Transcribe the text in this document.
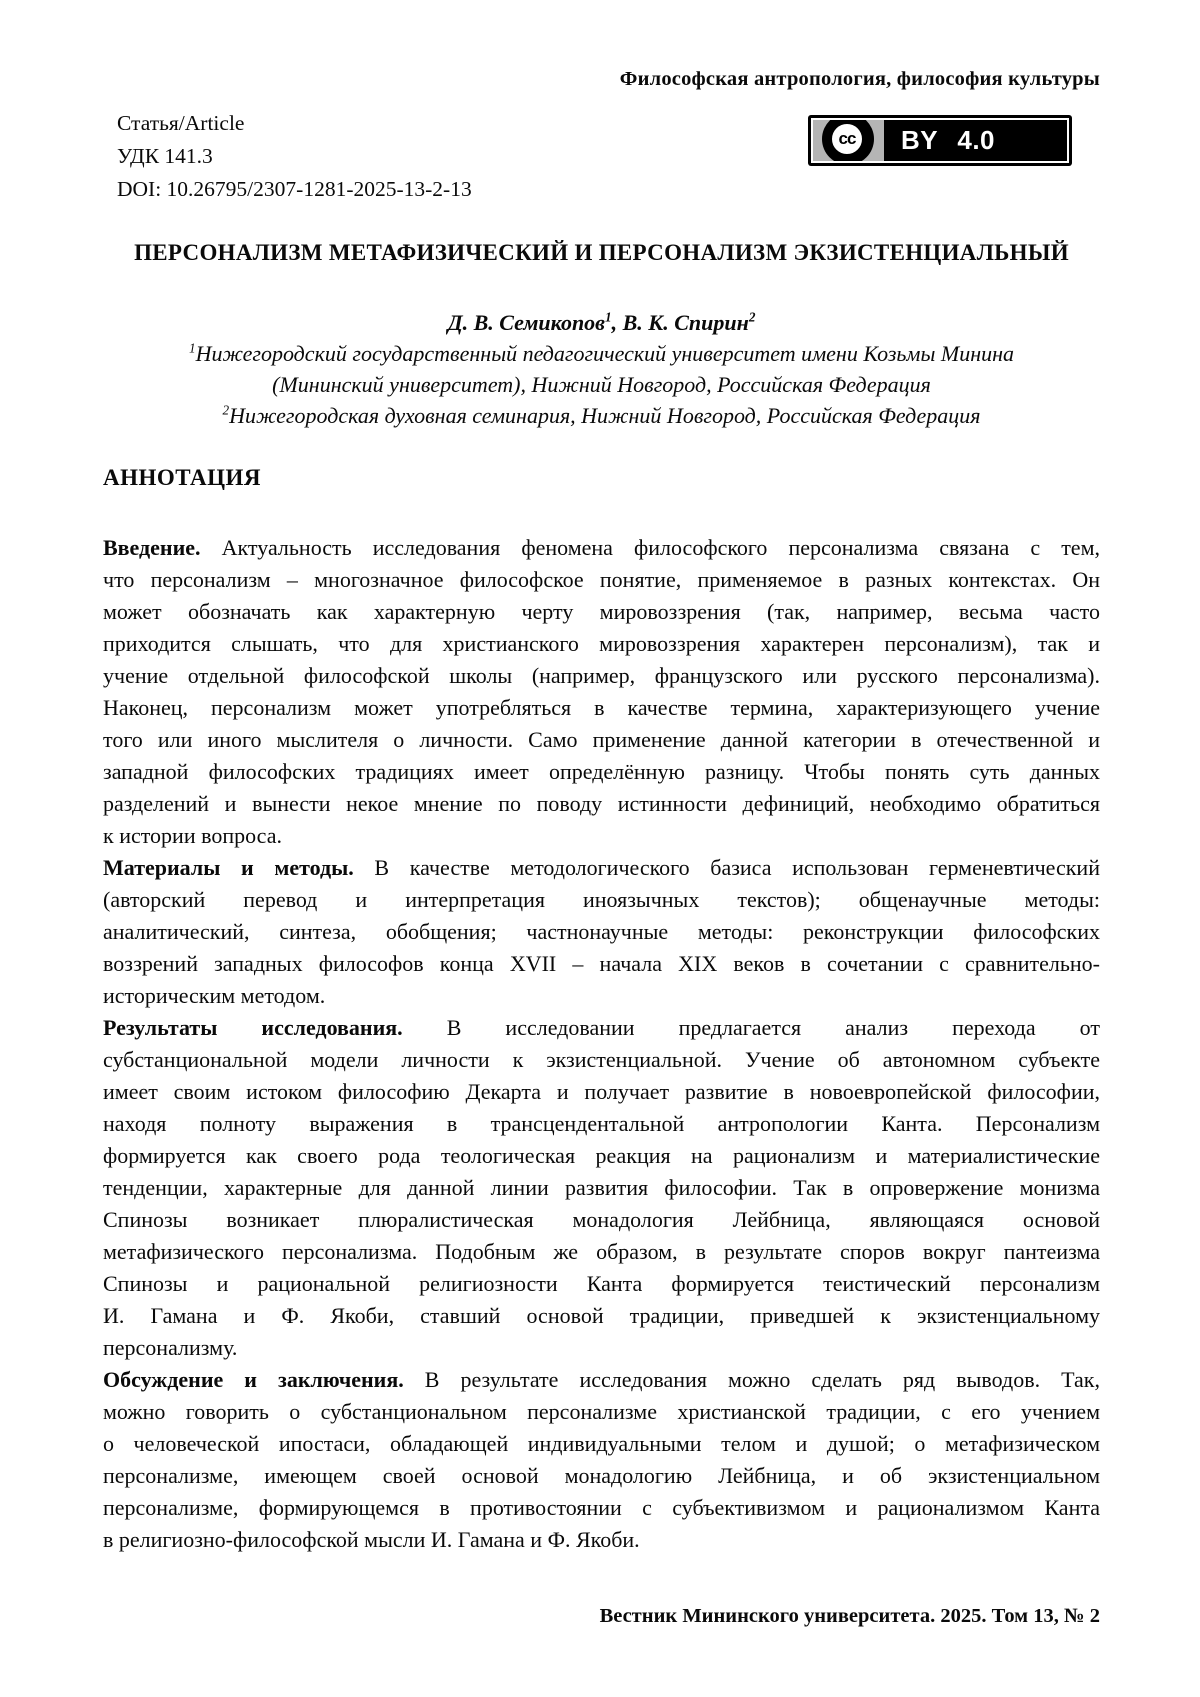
Философская антропология, философия культуры
Статья/Article
УДК 141.3
DOI: 10.26795/2307-1281-2025-13-2-13
cc	BY 4.0
ПЕРСОНАЛИЗМ МЕТАФИЗИЧЕСКИЙ И ПЕРСОНАЛИЗМ ЭКЗИСТЕНЦИАЛЬНЫЙ
Д. В. Семикопов$^1$, В. К. Спирин$^2$
$^1$Нижегородский государственный педагогический университет имени Козьмы Минина
(Мининский университет), Нижний Новгород, Российская Федерация
$^2$Нижегородская духовная семинария, Нижний Новгород, Российская Федерация
АННОТАЦИЯ
Введение. Актуальность исследования феномена философского персонализма связана с тем,
что персонализм – многозначное философское понятие, применяемое в разных контекстах. Он
может обозначать как характерную черту мировоззрения (так, например, весьма часто
приходится слышать, что для христианского мировоззрения характерен персонализм), так и
учение отдельной философской школы (например, французского или русского персонализма).
Наконец, персонализм может употребляться в качестве термина, характеризующего учение
того или иного мыслителя о личности. Само применение данной категории в отечественной и
западной философских традициях имеет определённую разницу. Чтобы понять суть данных
разделений и вынести некое мнение по поводу истинности дефиниций, необходимо обратиться
к истории вопроса.
Материалы и методы. В качестве методологического базиса использован герменевтический
(авторский перевод и интерпретация иноязычных текстов); общенаучные методы:
аналитический, синтеза, обобщения; частнонаучные методы: реконструкции философских
воззрений западных философов конца XVII – начала XIX веков в сочетании с сравнительно-
историческим методом.
Результаты исследования. В исследовании предлагается анализ перехода от
субстанциональной модели личности к экзистенциальной. Учение об автономном субъекте
имеет своим истоком философию Декарта и получает развитие в новоевропейской философии,
находя полноту выражения в трансцендентальной антропологии Канта. Персонализм
формируется как своего рода теологическая реакция на рационализм и материалистические
тенденции, характерные для данной линии развития философии. Так в опровержение монизма
Спинозы возникает плюралистическая монадология Лейбница, являющаяся основой
метафизического персонализма. Подобным же образом, в результате споров вокруг пантеизма
Спинозы и рациональной религиозности Канта формируется теистический персонализм
И. Гамана и Ф. Якоби, ставший основой традиции, приведшей к экзистенциальному
персонализму.
Обсуждение и заключения. В результате исследования можно сделать ряд выводов. Так,
можно говорить о субстанциональном персонализме христианской традиции, с его учением
о человеческой ипостаси, обладающей индивидуальными телом и душой; о метафизическом
персонализме, имеющем своей основой монадологию Лейбница, и об экзистенциальном
персонализме, формирующемся в противостоянии с субъективизмом и рационализмом Канта
в религиозно-философской мысли И. Гамана и Ф. Якоби.
Вестник Мининского университета. 2025. Том 13, № 2
